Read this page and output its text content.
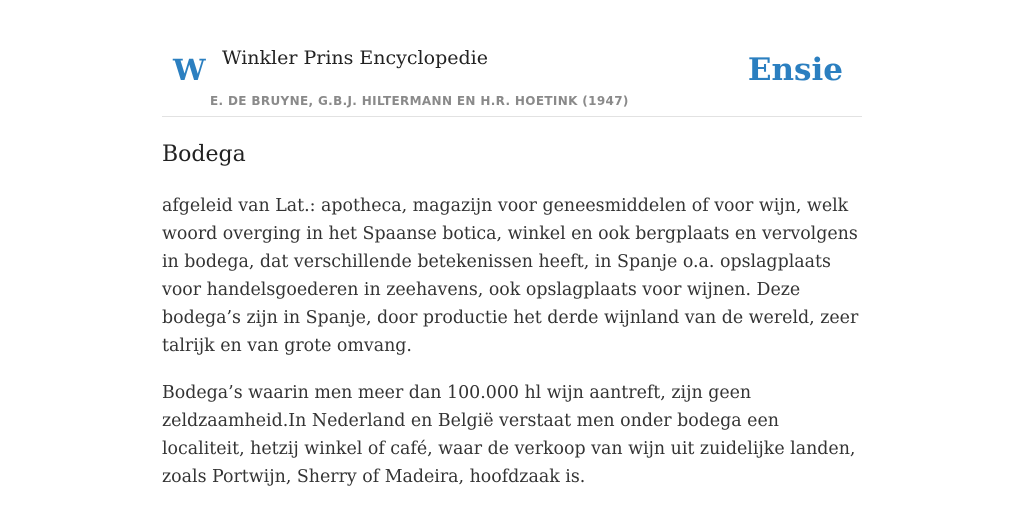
W Winkler Prins Encyclopedie
E. DE BRUYNE, G.B.J. HILTERMANN EN H.R. HOETINK (1947)
Ensie
Bodega

afgeleid van Lat.: apotheca, magazijn voor geneesmiddelen of voor wijn, welk woord overging in het Spaanse botica, winkel en ook bergplaats en vervolgens in bodega, dat verschillende betekenissen heeft, in Spanje o.a. opslagplaats voor handelsgoederen in zeehavens, ook opslagplaats voor wijnen. Deze bodega’s zijn in Spanje, door productie het derde wijnland van de wereld, zeer talrijk en van grote omvang.

Bodega’s waarin men meer dan 100.000 hl wijn aantreft, zijn geen zeldzaamheid.In Nederland en België verstaat men onder bodega een localiteit, hetzij winkel of café, waar de verkoop van wijn uit zuidelijke landen, zoals Portwijn, Sherry of Madeira, hoofdzaak is.
